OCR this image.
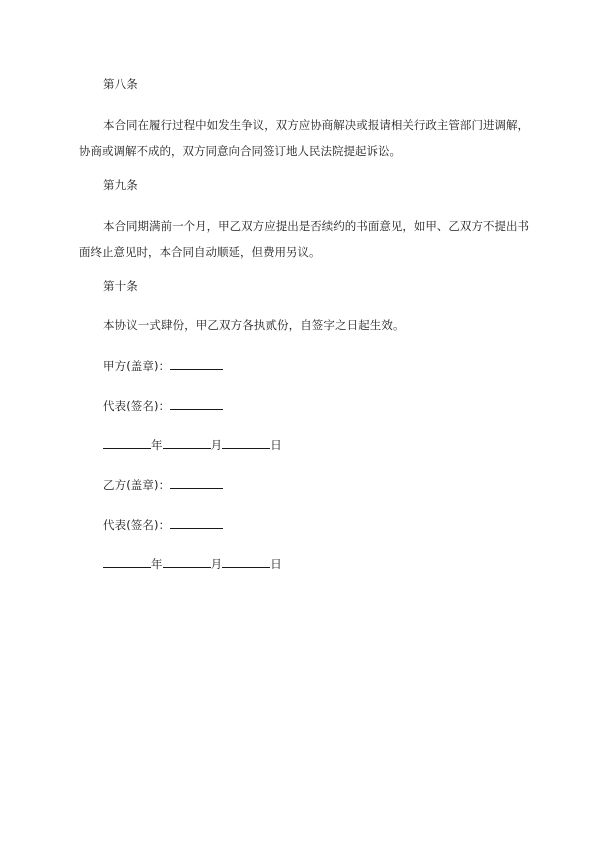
第八条
本合同在履行过程中如发生争议，双方应协商解决或报请相关行政主管部门进调解，协商或调解不成的，双方同意向合同签订地人民法院提起诉讼。
第九条
本合同期满前一个月，甲乙双方应提出是否续约的书面意见，如甲、乙双方不提出书面终止意见时，本合同自动顺延，但费用另议。
第十条
本协议一式肆份，甲乙双方各执贰份，自签字之日起生效。
甲方(盖章)：
代表(签名)：
年	月	日
乙方(盖章)：
代表(签名)：
年	月	日
